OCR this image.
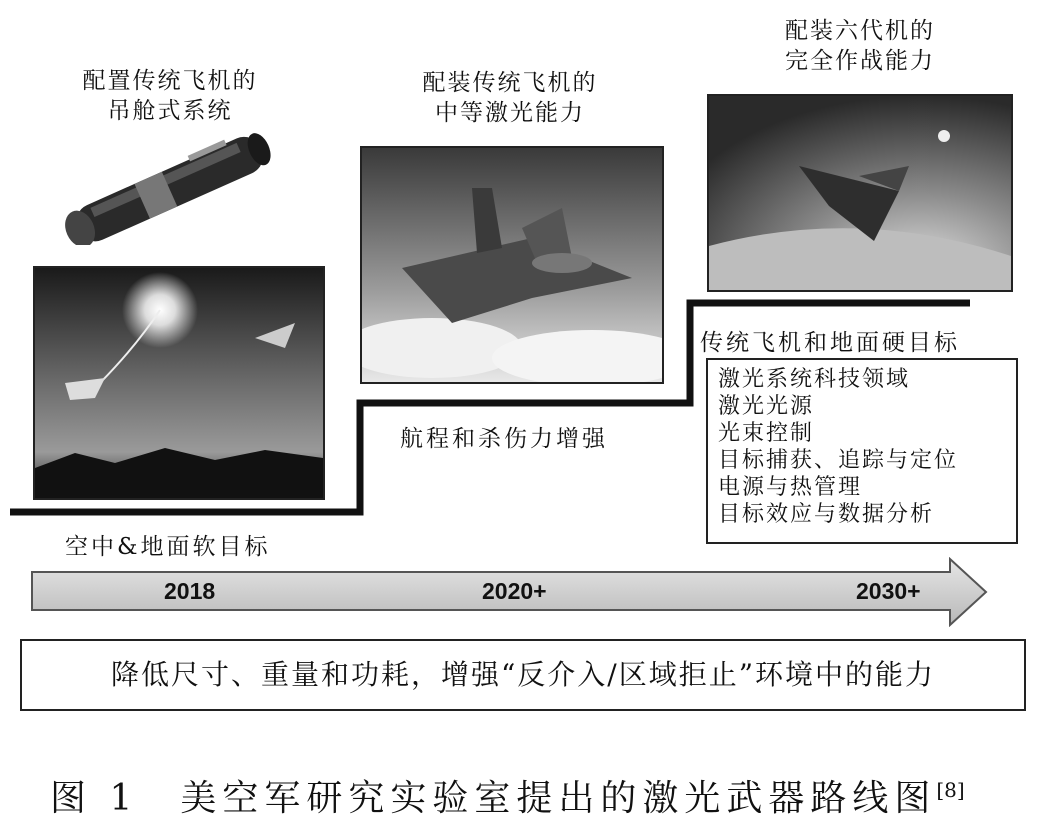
配置传统飞机的
吊舱式系统
配装传统飞机的
中等激光能力
配装六代机的
完全作战能力
空中&地面软目标
航程和杀伤力增强
传统飞机和地面硬目标
激光系统科技领域
激光光源
光束控制
目标捕获、追踪与定位
电源与热管理
目标效应与数据分析
2018	2020+	2030+
降低尺寸、重量和功耗，增强“反介入/区域拒止”环境中的能力
图 1　美空军研究实验室提出的激光武器路线图[8]
